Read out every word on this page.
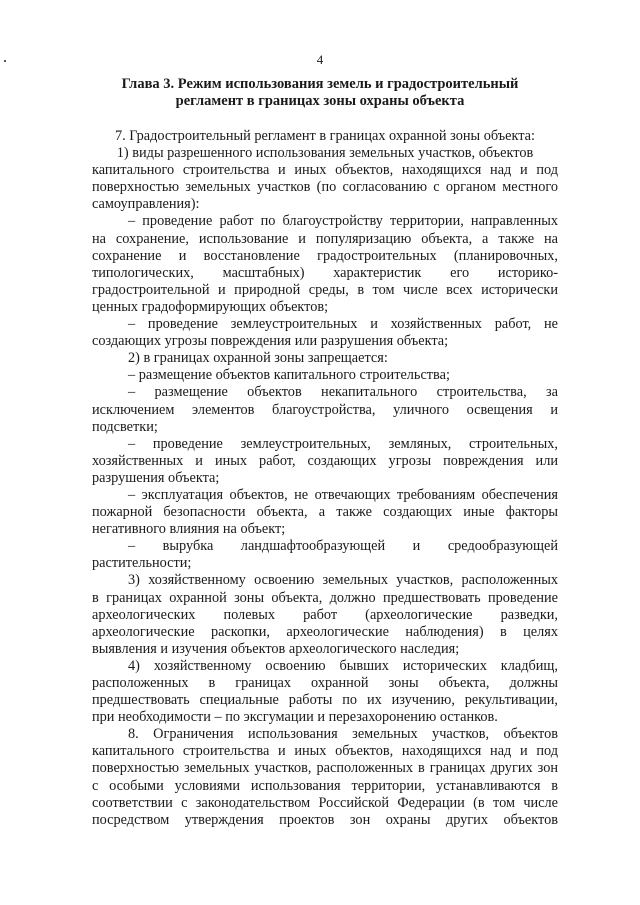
4
Глава 3. Режим использования земель и градостроительный
регламент в границах зоны охраны объекта
7. Градостроительный регламент в границах охранной зоны объекта:
1) виды разрешенного использования земельных участков, объектов
капитального строительства и иных объектов, находящихся над и под
поверхностью земельных участков (по согласованию с органом местного
самоуправления):
– проведение работ по благоустройству территории, направленных
на сохранение, использование и популяризацию объекта, а также на
сохранение и восстановление градостроительных (планировочных,
типологических, масштабных) характеристик его историко-
градостроительной и природной среды, в том числе всех исторически
ценных градоформирующих объектов;
– проведение землеустроительных и хозяйственных работ, не
создающих угрозы повреждения или разрушения объекта;
2) в границах охранной зоны запрещается:
– размещение объектов капитального строительства;
– размещение объектов некапитального строительства, за
исключением элементов благоустройства, уличного освещения и
подсветки;
– проведение землеустроительных, земляных, строительных,
хозяйственных и иных работ, создающих угрозы повреждения или
разрушения объекта;
– эксплуатация объектов, не отвечающих требованиям обеспечения
пожарной безопасности объекта, а также создающих иные факторы
негативного влияния на объект;
– вырубка ландшафтообразующей и средообразующей
растительности;
3) хозяйственному освоению земельных участков, расположенных
в границах охранной зоны объекта, должно предшествовать проведение
археологических полевых работ (археологические разведки,
археологические раскопки, археологические наблюдения) в целях
выявления и изучения объектов археологического наследия;
4) хозяйственному освоению бывших исторических кладбищ,
расположенных в границах охранной зоны объекта, должны
предшествовать специальные работы по их изучению, рекультивации,
при необходимости – по эксгумации и перезахоронению останков.
8. Ограничения использования земельных участков, объектов
капитального строительства и иных объектов, находящихся над и под
поверхностью земельных участков, расположенных в границах других зон
с особыми условиями использования территории, устанавливаются в
соответствии с законодательством Российской Федерации (в том числе
посредством утверждения проектов зон охраны других объектов
